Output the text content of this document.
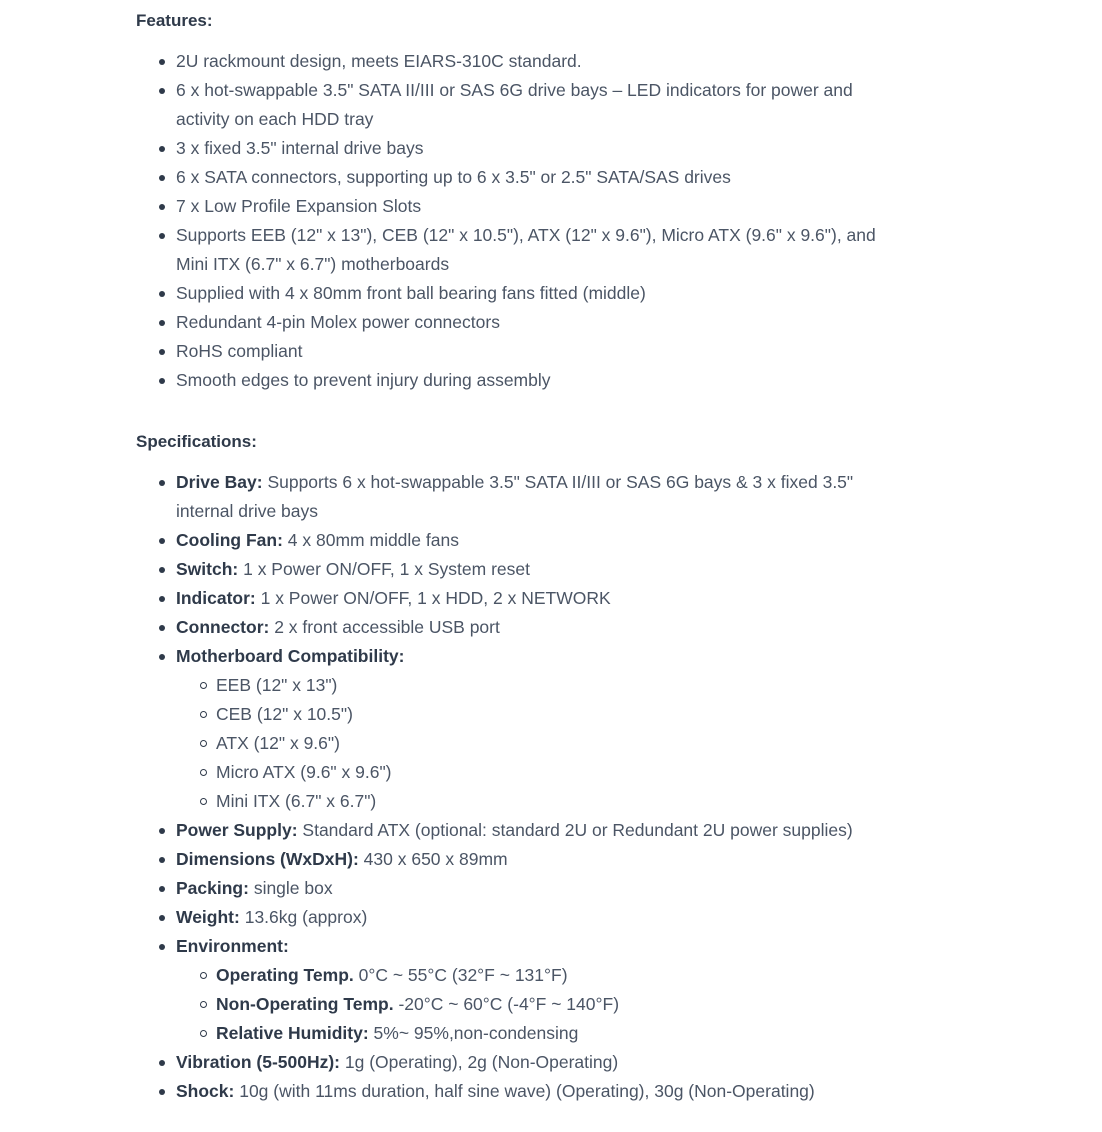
Features:

2U rackmount design, meets EIARS-310C standard.
6 x hot-swappable 3.5" SATA II/III or SAS 6G drive bays – LED indicators for power and activity on each HDD tray
3 x fixed 3.5" internal drive bays
6 x SATA connectors, supporting up to 6 x 3.5" or 2.5" SATA/SAS drives
7 x Low Profile Expansion Slots
Supports EEB (12" x 13"), CEB (12" x 10.5"), ATX (12" x 9.6"), Micro ATX (9.6" x 9.6"), and Mini ITX (6.7" x 6.7") motherboards
Supplied with 4 x 80mm front ball bearing fans fitted (middle)
Redundant 4-pin Molex power connectors
RoHS compliant
Smooth edges to prevent injury during assembly

Specifications:

Drive Bay: Supports 6 x hot-swappable 3.5" SATA II/III or SAS 6G bays & 3 x fixed 3.5" internal drive bays
Cooling Fan: 4 x 80mm middle fans
Switch: 1 x Power ON/OFF, 1 x System reset
Indicator: 1 x Power ON/OFF, 1 x HDD, 2 x NETWORK
Connector: 2 x front accessible USB port
Motherboard Compatibility:
EEB (12" x 13")
CEB (12" x 10.5")
ATX (12" x 9.6")
Micro ATX (9.6" x 9.6")
Mini ITX (6.7" x 6.7")
Power Supply: Standard ATX (optional: standard 2U or Redundant 2U power supplies)
Dimensions (WxDxH): 430 x 650 x 89mm
Packing: single box
Weight: 13.6kg (approx)
Environment:
Operating Temp. 0°C ~ 55°C (32°F ~ 131°F)
Non-Operating Temp. -20°C ~ 60°C (-4°F ~ 140°F)
Relative Humidity: 5%~ 95%,non-condensing
Vibration (5-500Hz): 1g (Operating), 2g (Non-Operating)
Shock: 10g (with 11ms duration, half sine wave) (Operating), 30g (Non-Operating)
